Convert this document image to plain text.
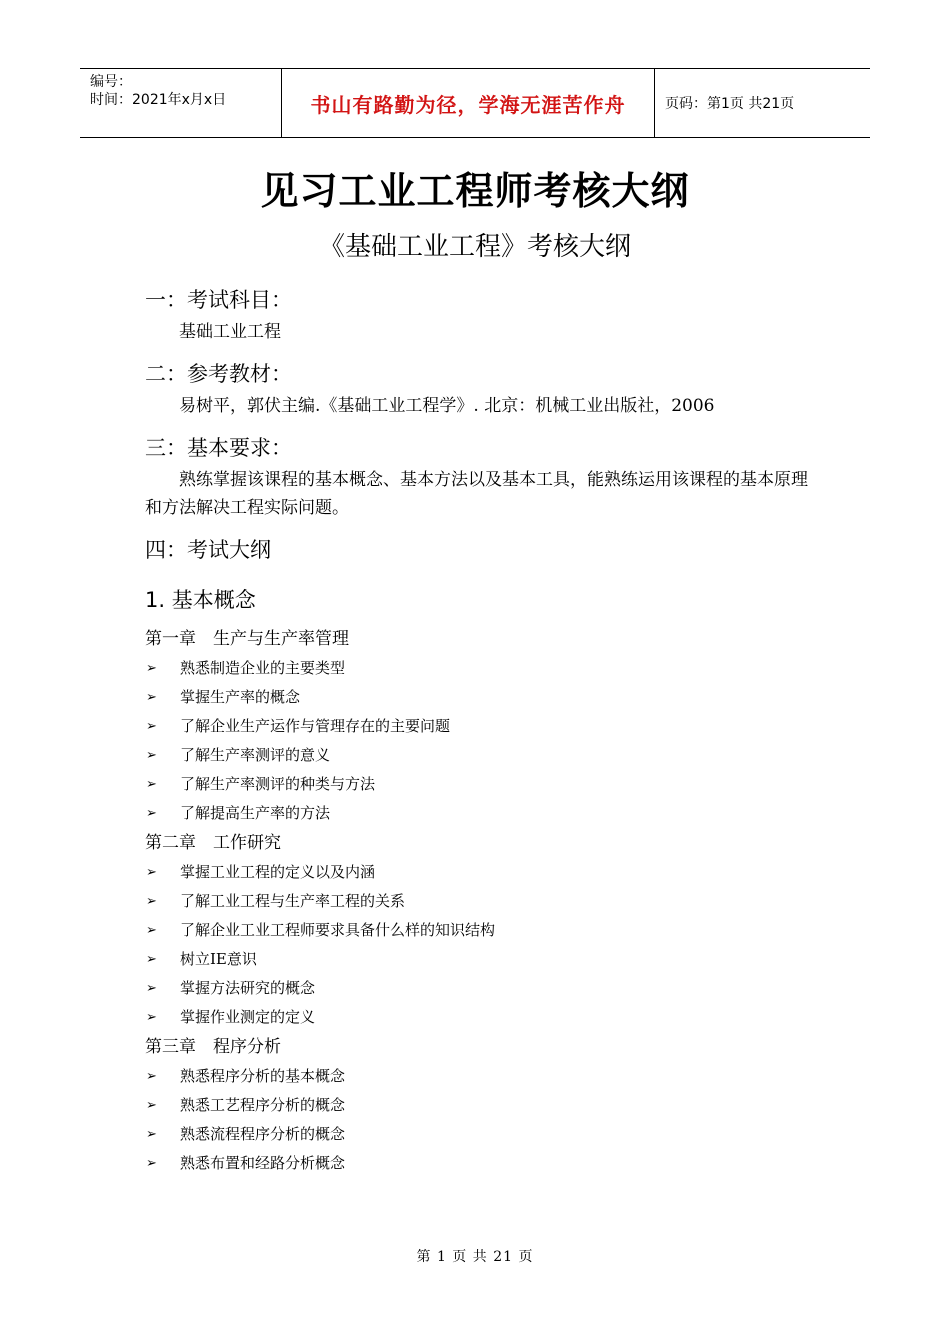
编号：
时间：2021年x月x日	书山有路勤为径，学海无涯苦作舟	页码：第1页 共21页
见习工业工程师考核大纲
《基础工业工程》考核大纲
一：考试科目：
基础工业工程
二：参考教材：
易树平，郭伏主编.《基础工业工程学》. 北京：机械工业出版社，2006
三：基本要求：
熟练掌握该课程的基本概念、基本方法以及基本工具，能熟练运用该课程的基本原理和方法解决工程实际问题。
四：考试大纲
1. 基本概念
第一章　生产与生产率管理
➢	熟悉制造企业的主要类型
➢	掌握生产率的概念
➢	了解企业生产运作与管理存在的主要问题
➢	了解生产率测评的意义
➢	了解生产率测评的种类与方法
➢	了解提高生产率的方法
第二章　工作研究
➢	掌握工业工程的定义以及内涵
➢	了解工业工程与生产率工程的关系
➢	了解企业工业工程师要求具备什么样的知识结构
➢	树立IE意识
➢	掌握方法研究的概念
➢	掌握作业测定的定义
第三章　程序分析
➢	熟悉程序分析的基本概念
➢	熟悉工艺程序分析的概念
➢	熟悉流程程序分析的概念
➢	熟悉布置和经路分析概念
第 1 页 共 21 页
